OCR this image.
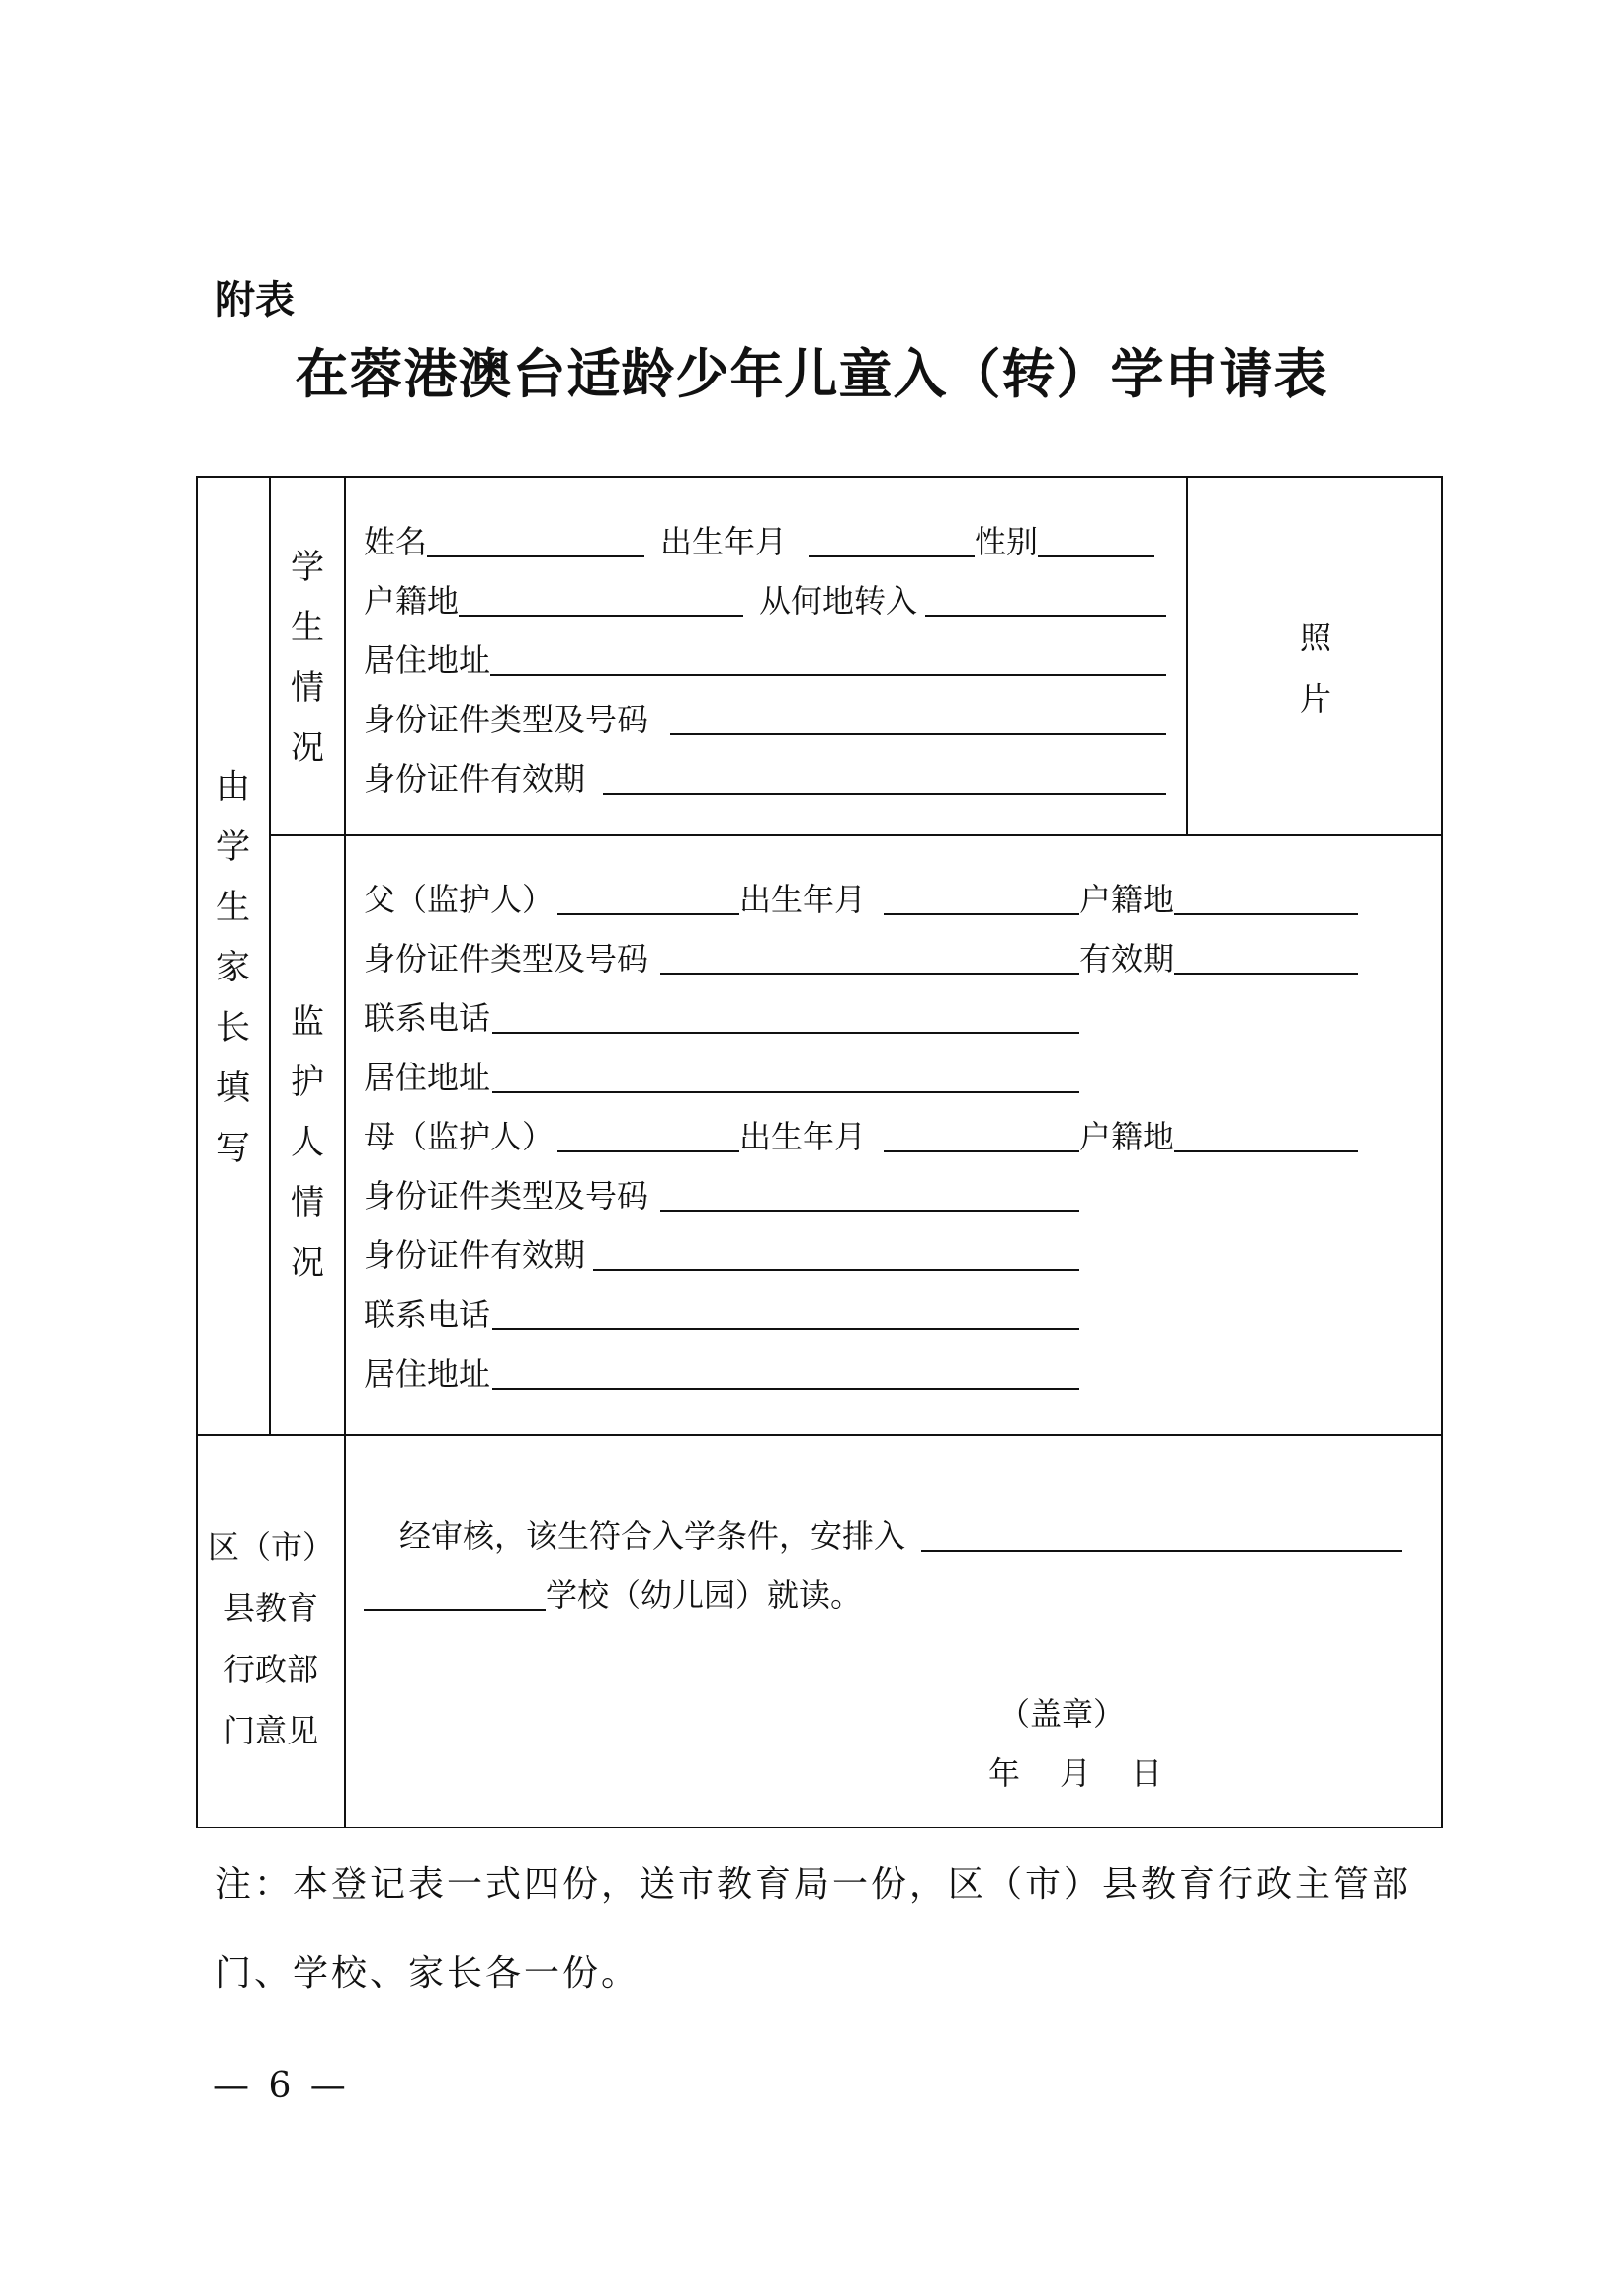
附表
在蓉港澳台适龄少年儿童入（转）学申请表
由
学
生
家
长
填
写
学
生
情
况
监
护
人
情
况
照
片
姓名	出生年月	性别
户籍地	从何地转入
居住地址
身份证件类型及号码
身份证件有效期
父（监护人）	出生年月	户籍地
身份证件类型及号码	有效期
联系电话
居住地址
母（监护人）	出生年月	户籍地
身份证件类型及号码
身份证件有效期
联系电话
居住地址
区（市）
县教育
行政部
门意见
经审核，该生符合入学条件，安排入
学校（幼儿园）就读。
（盖章）
年　月　日
注：本登记表一式四份，送市教育局一份，区（市）县教育行政主管部门、学校、家长各一份。
— 6 —
